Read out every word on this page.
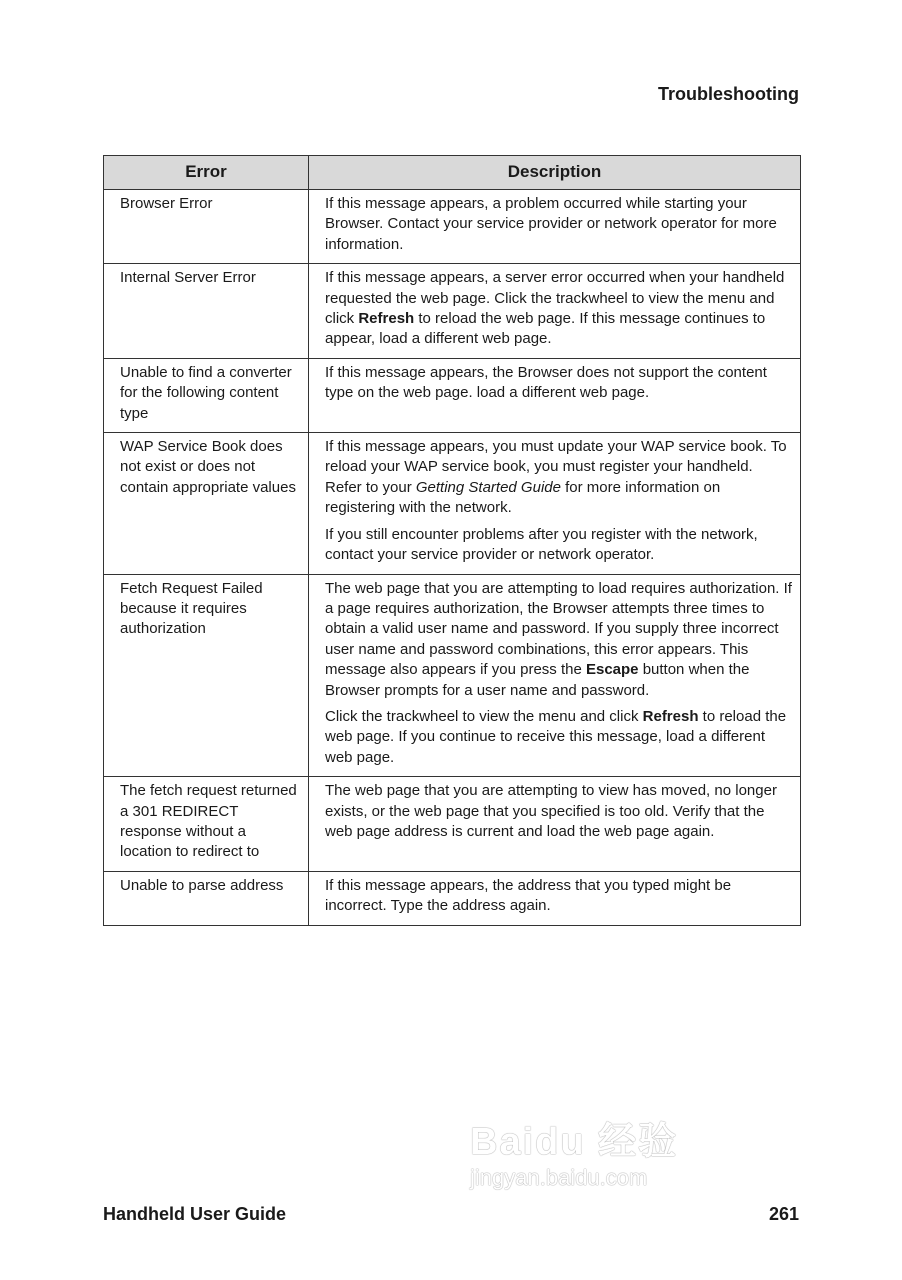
Troubleshooting
Error	Description
Browser Error	If this message appears, a problem occurred while starting your Browser. Contact your service provider or network operator for more information.

Internal Server Error	If this message appears, a server error occurred when your handheld requested the web page. Click the trackwheel to view the menu and click Refresh to reload the web page. If this message continues to appear, load a different web page.

Unable to find a converter for the following content type	If this message appears, the Browser does not support the content type on the web page. load a different web page.

WAP Service Book does not exist or does not contain appropriate values	If this message appears, you must update your WAP service book. To reload your WAP service book, you must register your handheld. Refer to your Getting Started Guide for more information on registering with the network.

If you still encounter problems after you register with the network, contact your service provider or network operator.

Fetch Request Failed because it requires authorization	The web page that you are attempting to load requires authorization. If a page requires authorization, the Browser attempts three times to obtain a valid user name and password. If you supply three incorrect user name and password combinations, this error appears. This message also appears if you press the Escape button when the Browser prompts for a user name and password.

Click the trackwheel to view the menu and click Refresh to reload the web page. If you continue to receive this message, load a different web page.

The fetch request returned a 301 REDIRECT response without a location to redirect to	The web page that you are attempting to view has moved, no longer exists, or the web page that you specified is too old. Verify that the web page address is current and load the web page again.

Unable to parse address	If this message appears, the address that you typed might be incorrect. Type the address again.

Baidu 经验
jingyan.baidu.com
Handheld User Guide	261
